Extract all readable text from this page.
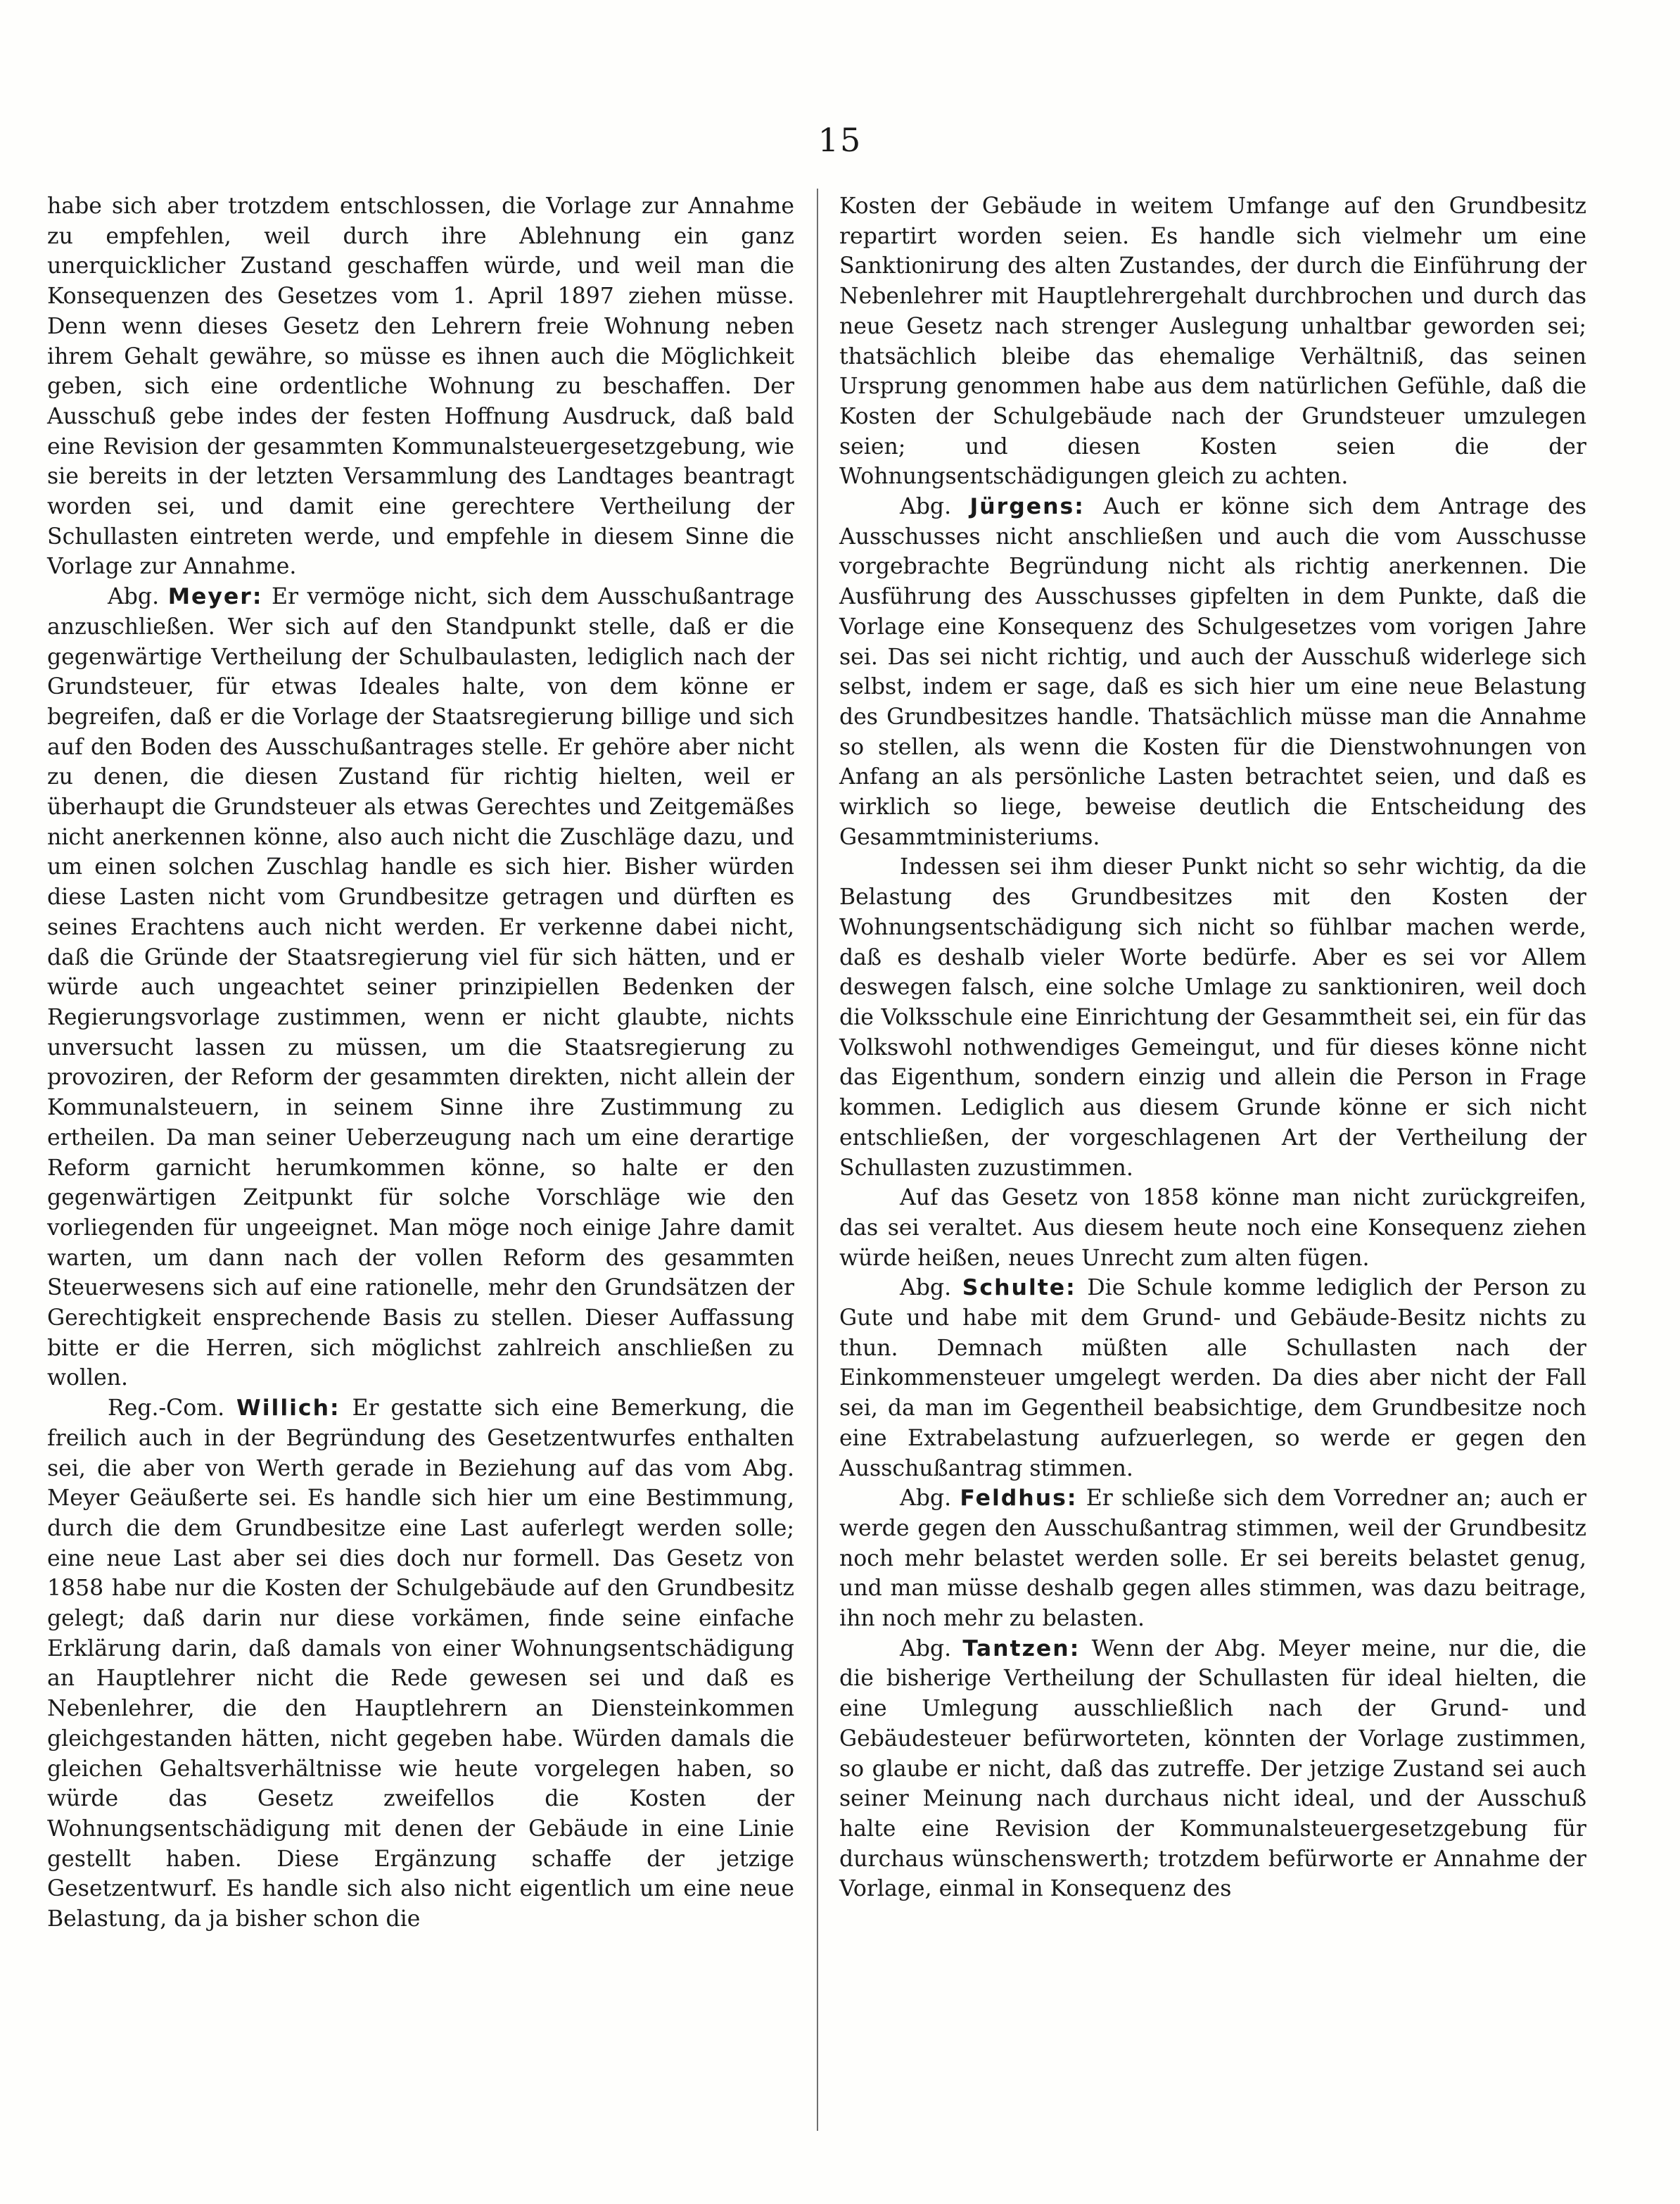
15

habe sich aber trotzdem entschlossen, die Vorlage zur Annahme zu empfehlen, weil durch ihre Ablehnung ein ganz unerquicklicher Zustand geschaffen würde, und weil man die Konsequenzen des Gesetzes vom 1. April 1897 ziehen müsse. Denn wenn dieses Gesetz den Lehrern freie Wohnung neben ihrem Gehalt gewähre, so müsse es ihnen auch die Möglichkeit geben, sich eine ordentliche Wohnung zu beschaffen. Der Ausschuß gebe indes der festen Hoffnung Ausdruck, daß bald eine Revision der gesammten Kommunalsteuergesetzgebung, wie sie bereits in der letzten Versammlung des Landtages beantragt worden sei, und damit eine gerechtere Vertheilung der Schullasten eintreten werde, und empfehle in diesem Sinne die Vorlage zur Annahme.

Abg. Meyer: Er vermöge nicht, sich dem Ausschußantrage anzuschließen. Wer sich auf den Standpunkt stelle, daß er die gegenwärtige Vertheilung der Schulbaulasten, lediglich nach der Grundsteuer, für etwas Ideales halte, von dem könne er begreifen, daß er die Vorlage der Staatsregierung billige und sich auf den Boden des Ausschußantrages stelle. Er gehöre aber nicht zu denen, die diesen Zustand für richtig hielten, weil er überhaupt die Grundsteuer als etwas Gerechtes und Zeitgemäßes nicht anerkennen könne, also auch nicht die Zuschläge dazu, und um einen solchen Zuschlag handle es sich hier. Bisher würden diese Lasten nicht vom Grundbesitze getragen und dürften es seines Erachtens auch nicht werden. Er verkenne dabei nicht, daß die Gründe der Staatsregierung viel für sich hätten, und er würde auch ungeachtet seiner prinzipiellen Bedenken der Regierungsvorlage zustimmen, wenn er nicht glaubte, nichts unversucht lassen zu müssen, um die Staatsregierung zu provoziren, der Reform der gesammten direkten, nicht allein der Kommunalsteuern, in seinem Sinne ihre Zustimmung zu ertheilen. Da man seiner Ueberzeugung nach um eine derartige Reform garnicht herumkommen könne, so halte er den gegenwärtigen Zeitpunkt für solche Vorschläge wie den vorliegenden für ungeeignet. Man möge noch einige Jahre damit warten, um dann nach der vollen Reform des gesammten Steuerwesens sich auf eine rationelle, mehr den Grundsätzen der Gerechtigkeit ensprechende Basis zu stellen. Dieser Auffassung bitte er die Herren, sich möglichst zahlreich anschließen zu wollen.

Reg.-Com. Willich: Er gestatte sich eine Bemerkung, die freilich auch in der Begründung des Gesetzentwurfes enthalten sei, die aber von Werth gerade in Beziehung auf das vom Abg. Meyer Geäußerte sei. Es handle sich hier um eine Bestimmung, durch die dem Grundbesitze eine Last auferlegt werden solle; eine neue Last aber sei dies doch nur formell. Das Gesetz von 1858 habe nur die Kosten der Schulgebäude auf den Grundbesitz gelegt; daß darin nur diese vorkämen, finde seine einfache Erklärung darin, daß damals von einer Wohnungsentschädigung an Hauptlehrer nicht die Rede gewesen sei und daß es Nebenlehrer, die den Hauptlehrern an Diensteinkommen gleichgestanden hätten, nicht gegeben habe. Würden damals die gleichen Gehaltsverhältnisse wie heute vorgelegen haben, so würde das Gesetz zweifellos die Kosten der Wohnungsentschädigung mit denen der Gebäude in eine Linie gestellt haben. Diese Ergänzung schaffe der jetzige Gesetzentwurf. Es handle sich also nicht eigentlich um eine neue Belastung, da ja bisher schon die

Kosten der Gebäude in weitem Umfange auf den Grundbesitz repartirt worden seien. Es handle sich vielmehr um eine Sanktionirung des alten Zustandes, der durch die Einführung der Nebenlehrer mit Hauptlehrergehalt durchbrochen und durch das neue Gesetz nach strenger Auslegung unhaltbar geworden sei; thatsächlich bleibe das ehemalige Verhältniß, das seinen Ursprung genommen habe aus dem natürlichen Gefühle, daß die Kosten der Schulgebäude nach der Grundsteuer umzulegen seien; und diesen Kosten seien die der Wohnungsentschädigungen gleich zu achten.

Abg. Jürgens: Auch er könne sich dem Antrage des Ausschusses nicht anschließen und auch die vom Ausschusse vorgebrachte Begründung nicht als richtig anerkennen. Die Ausführung des Ausschusses gipfelten in dem Punkte, daß die Vorlage eine Konsequenz des Schulgesetzes vom vorigen Jahre sei. Das sei nicht richtig, und auch der Ausschuß widerlege sich selbst, indem er sage, daß es sich hier um eine neue Belastung des Grundbesitzes handle. Thatsächlich müsse man die Annahme so stellen, als wenn die Kosten für die Dienstwohnungen von Anfang an als persönliche Lasten betrachtet seien, und daß es wirklich so liege, beweise deutlich die Entscheidung des Gesammtministeriums.

Indessen sei ihm dieser Punkt nicht so sehr wichtig, da die Belastung des Grundbesitzes mit den Kosten der Wohnungsentschädigung sich nicht so fühlbar machen werde, daß es deshalb vieler Worte bedürfe. Aber es sei vor Allem deswegen falsch, eine solche Umlage zu sanktioniren, weil doch die Volksschule eine Einrichtung der Gesammtheit sei, ein für das Volkswohl nothwendiges Gemeingut, und für dieses könne nicht das Eigenthum, sondern einzig und allein die Person in Frage kommen. Lediglich aus diesem Grunde könne er sich nicht entschließen, der vorgeschlagenen Art der Vertheilung der Schullasten zuzustimmen.

Auf das Gesetz von 1858 könne man nicht zurückgreifen, das sei veraltet. Aus diesem heute noch eine Konsequenz ziehen würde heißen, neues Unrecht zum alten fügen.

Abg. Schulte: Die Schule komme lediglich der Person zu Gute und habe mit dem Grund- und Gebäude-Besitz nichts zu thun. Demnach müßten alle Schullasten nach der Einkommensteuer umgelegt werden. Da dies aber nicht der Fall sei, da man im Gegentheil beabsichtige, dem Grundbesitze noch eine Extrabelastung aufzuerlegen, so werde er gegen den Ausschußantrag stimmen.

Abg. Feldhus: Er schließe sich dem Vorredner an; auch er werde gegen den Ausschußantrag stimmen, weil der Grundbesitz noch mehr belastet werden solle. Er sei bereits belastet genug, und man müsse deshalb gegen alles stimmen, was dazu beitrage, ihn noch mehr zu belasten.

Abg. Tantzen: Wenn der Abg. Meyer meine, nur die, die die bisherige Vertheilung der Schullasten für ideal hielten, die eine Umlegung ausschließlich nach der Grund- und Gebäudesteuer befürworteten, könnten der Vorlage zustimmen, so glaube er nicht, daß das zutreffe. Der jetzige Zustand sei auch seiner Meinung nach durchaus nicht ideal, und der Ausschuß halte eine Revision der Kommunalsteuergesetzgebung für durchaus wünschenswerth; trotzdem befürworte er Annahme der Vorlage, einmal in Konsequenz des
